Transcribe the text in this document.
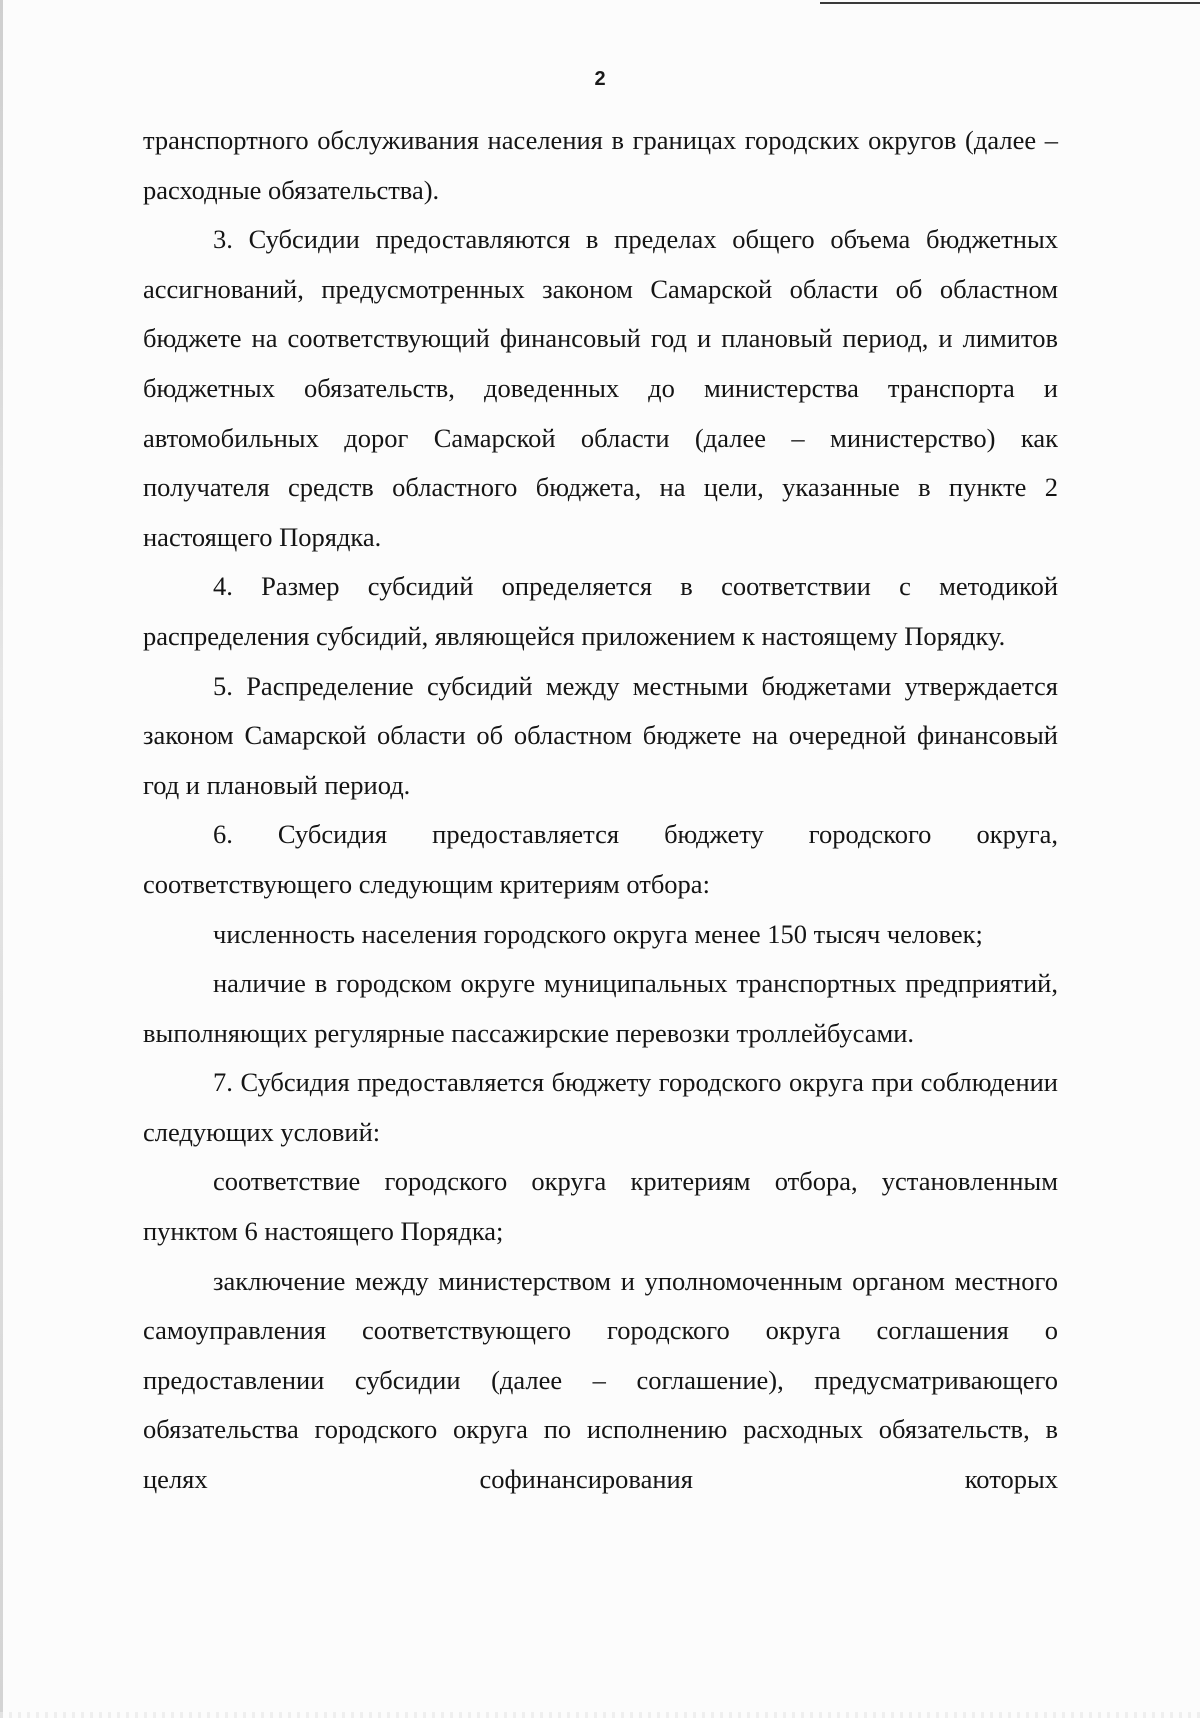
2

транспортного обслуживания населения в границах городских округов (далее – расходные обязательства).

3. Субсидии предоставляются в пределах общего объема бюджетных ассигнований, предусмотренных законом Самарской области об областном бюджете на соответствующий финансовый год и плановый период, и лимитов бюджетных обязательств, доведенных до министерства транспорта и автомобильных дорог Самарской области (далее – министерство) как получателя средств областного бюджета, на цели, указанные в пункте 2 настоящего Порядка.

4. Размер субсидий определяется в соответствии с методикой распределения субсидий, являющейся приложением к настоящему Порядку.

5. Распределение субсидий между местными бюджетами утверждается законом Самарской области об областном бюджете на очередной финансовый год и плановый период.

6. Субсидия предоставляется бюджету городского округа, соответствующего следующим критериям отбора:

численность населения городского округа менее 150 тысяч человек;

наличие в городском округе муниципальных транспортных предприятий, выполняющих регулярные пассажирские перевозки троллейбусами.

7. Субсидия предоставляется бюджету городского округа при соблюдении следующих условий:

соответствие городского округа критериям отбора, установленным пунктом 6 настоящего Порядка;

заключение между министерством и уполномоченным органом местного самоуправления соответствующего городского округа соглашения о предоставлении субсидии (далее – соглашение), предусматривающего обязательства городского округа по исполнению расходных обязательств, в целях софинансирования которых
